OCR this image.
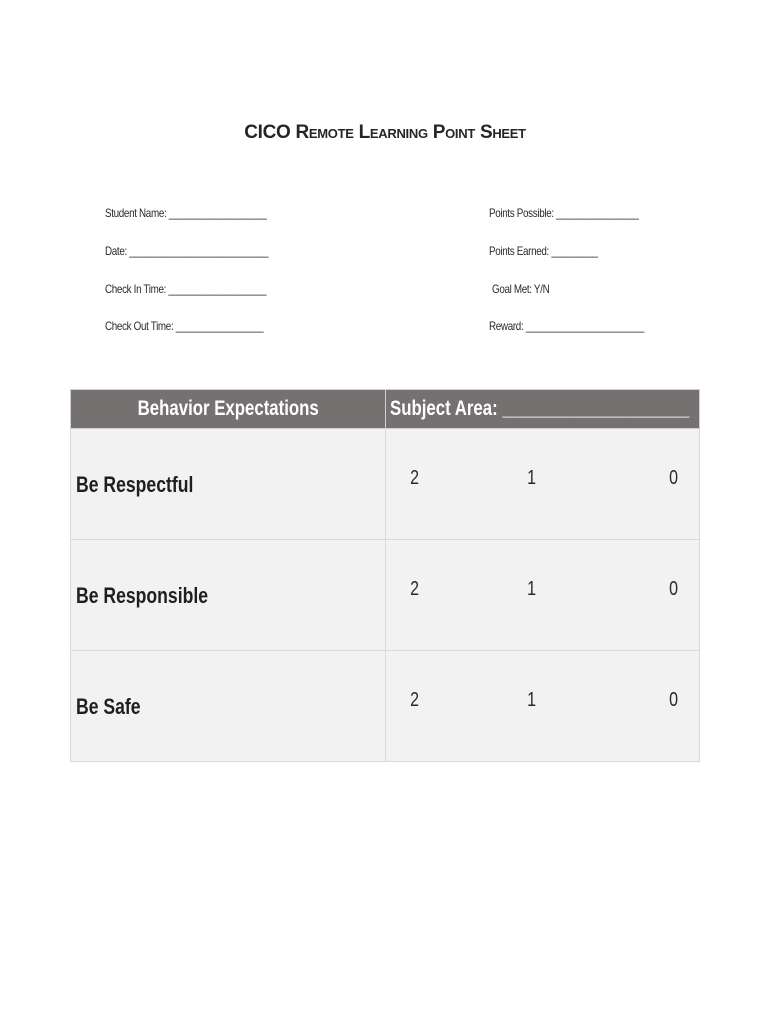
CICO Remote Learning Point Sheet
Student Name: ___________________
Date: ___________________________
Check In Time: ___________________
Check Out Time: _________________
Points Possible: ________________
Points Earned: _________
Goal Met: Y/N
Reward: _______________________
Behavior Expectations	Subject Area: ____________________
Be Respectful	2 1 0

Be Responsible	2 1 0

Be Safe	2 1 0
